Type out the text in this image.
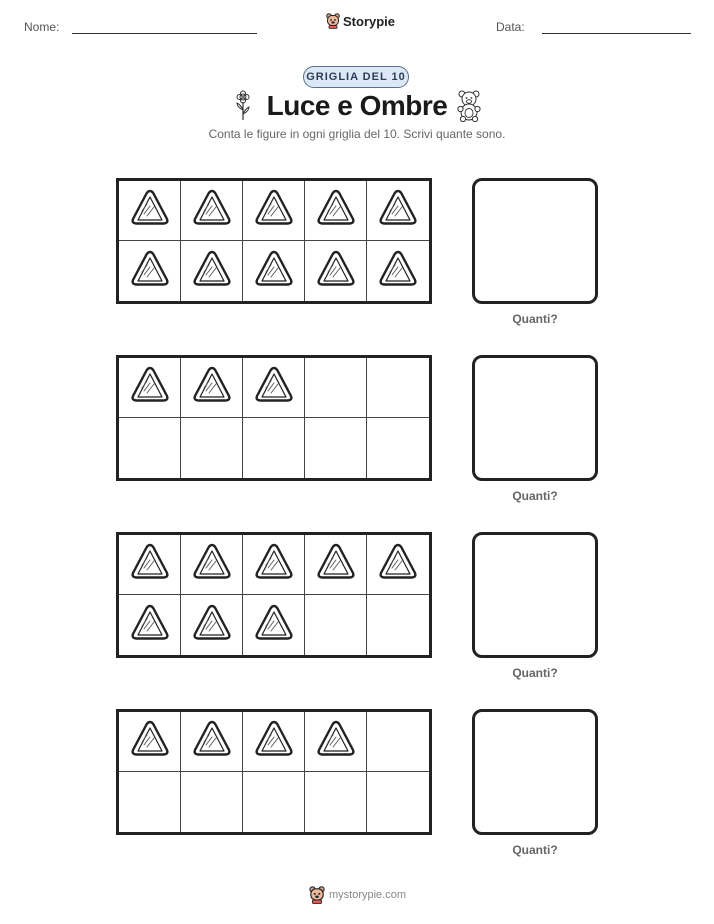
Nome:	Storypie	Data:
GRIGLIA DEL 10
Luce e Ombre
Conta le figure in ogni griglia del 10. Scrivi quante sono.
Quanti?
Quanti?
Quanti?
Quanti?
mystorypie.com
